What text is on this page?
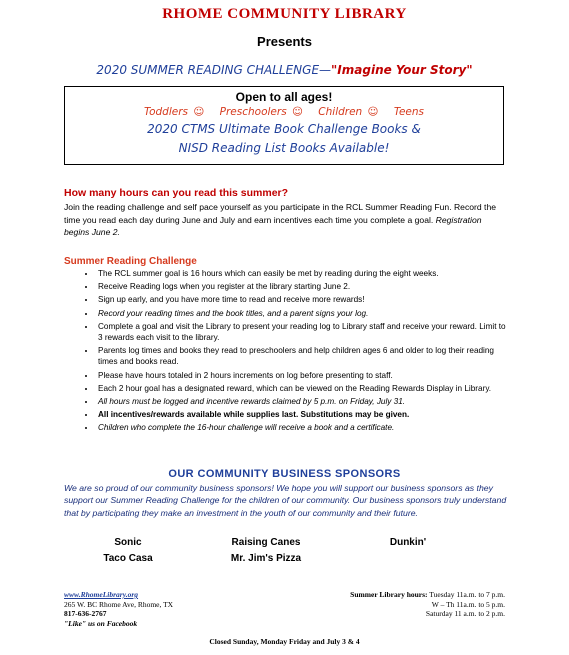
RHOME COMMUNITY LIBRARY
Presents
2020 SUMMER READING CHALLENGE—"Imagine Your Story"
Open to all ages!
Toddlers ☺ Preschoolers ☺ Children ☺ Teens
2020 CTMS Ultimate Book Challenge Books &
NISD Reading List Books Available!
How many hours can you read this summer?
Join the reading challenge and self pace yourself as you participate in the RCL Summer Reading Fun. Record the time you read each day during June and July and earn incentives each time you complete a goal. Registration begins June 2.
Summer Reading Challenge
• The RCL summer goal is 16 hours which can easily be met by reading during the eight weeks.
• Receive Reading logs when you register at the library starting June 2.
• Sign up early, and you have more time to read and receive more rewards!
• Record your reading times and the book titles, and a parent signs your log.
• Complete a goal and visit the Library to present your reading log to Library staff and receive your reward. Limit to 3 rewards each visit to the library.
• Parents log times and books they read to preschoolers and help children ages 6 and older to log their reading times and books read.
• Please have hours totaled in 2 hours increments on log before presenting to staff.
• Each 2 hour goal has a designated reward, which can be viewed on the Reading Rewards Display in Library.
• All hours must be logged and incentive rewards claimed by 5 p.m. on Friday, July 31.
• All incentives/rewards available while supplies last. Substitutions may be given.
• Children who complete the 16-hour challenge will receive a book and a certificate.
OUR COMMUNITY BUSINESS SPONSORS
We are so proud of our community business sponsors! We hope you will support our business sponsors as they support our Summer Reading Challenge for the children of our community. Our business sponsors truly understand that by participating they make an investment in the youth of our community and their future.
Sonic	Raising Canes	Dunkin'
Taco Casa	Mr. Jim's Pizza
www.RhomeLibrary.org
265 W. BC Rhome Ave, Rhome, TX
817-636-2767
"Like" us on Facebook
Summer Library hours: Tuesday 11a.m. to 7 p.m.
W – Th 11a.m. to 5 p.m.
Saturday 11 a.m. to 2 p.m.
Closed Sunday, Monday Friday and July 3 & 4
